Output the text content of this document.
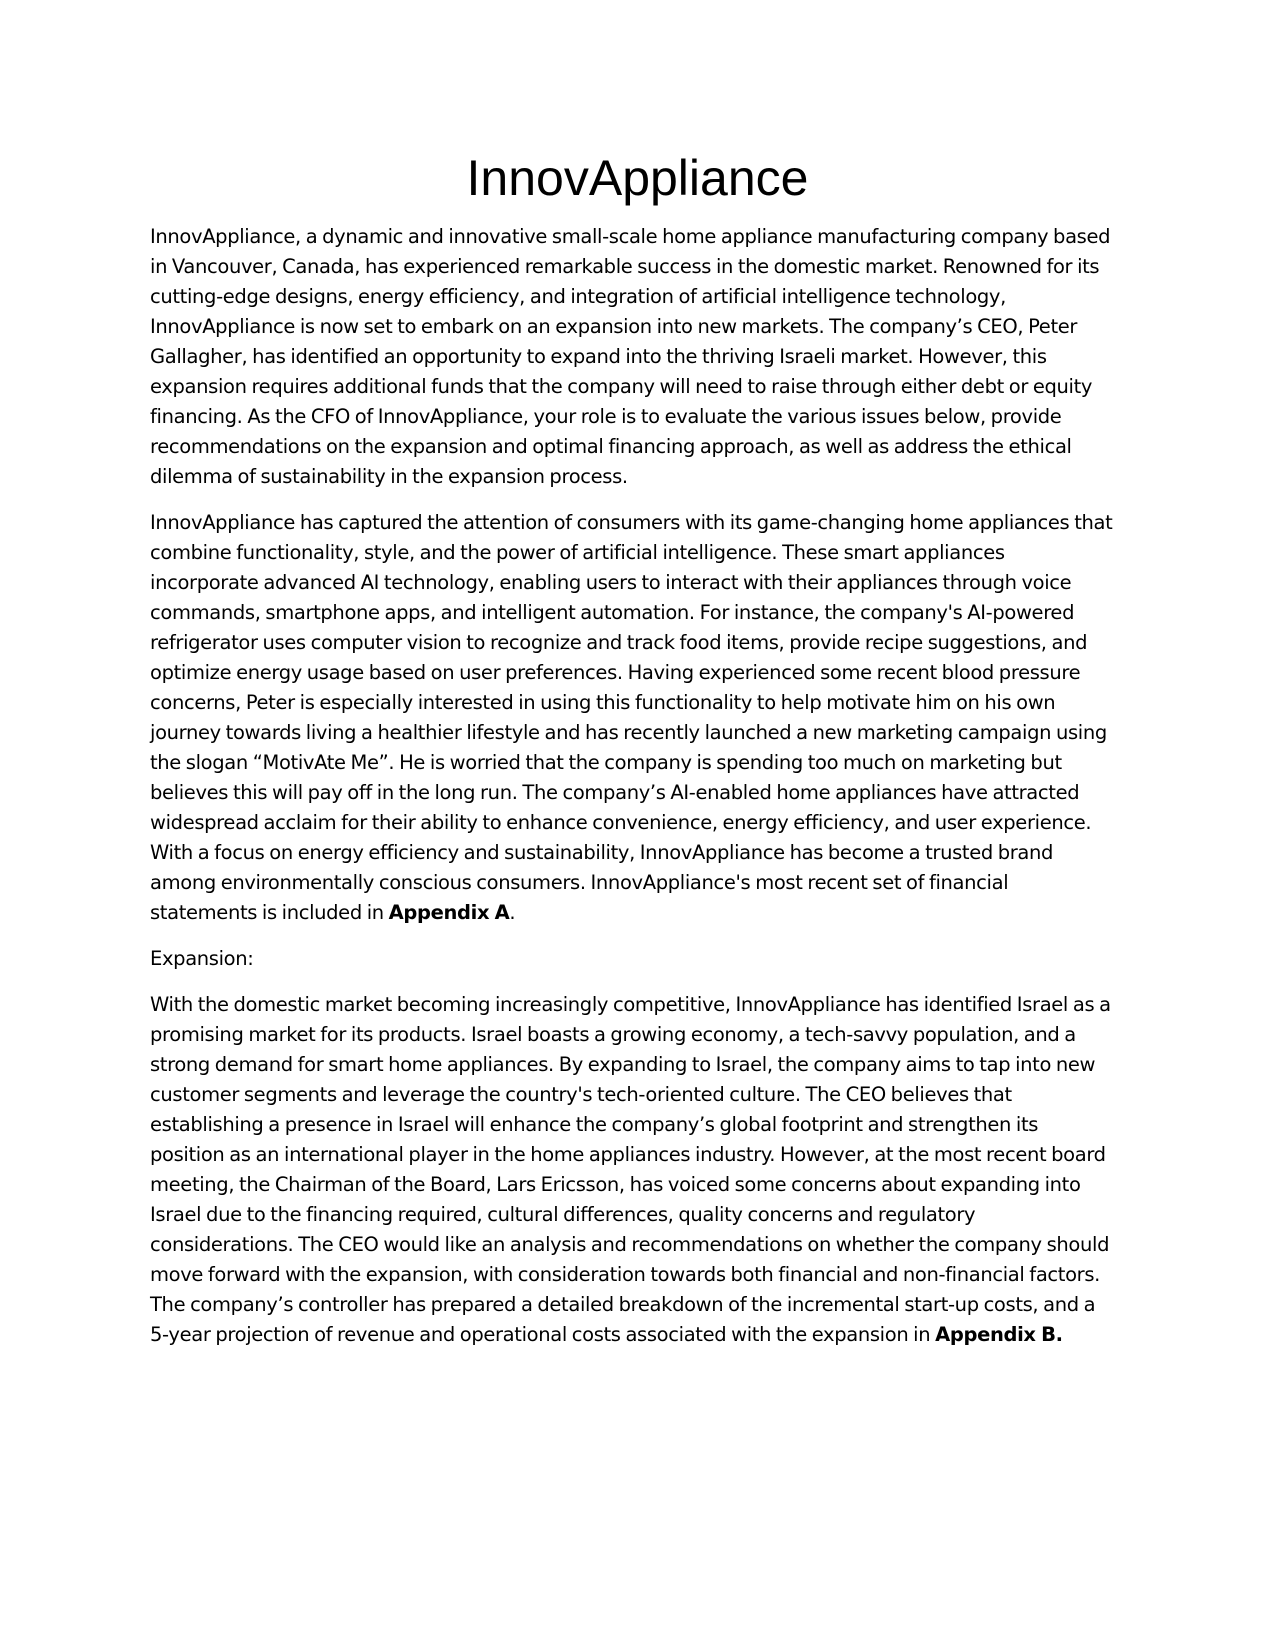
InnovAppliance

InnovAppliance, a dynamic and innovative small-scale home appliance manufacturing company based in Vancouver, Canada, has experienced remarkable success in the domestic market. Renowned for its cutting-edge designs, energy efficiency, and integration of artificial intelligence technology, InnovAppliance is now set to embark on an expansion into new markets. The company’s CEO, Peter Gallagher, has identified an opportunity to expand into the thriving Israeli market. However, this expansion requires additional funds that the company will need to raise through either debt or equity financing. As the CFO of InnovAppliance, your role is to evaluate the various issues below, provide recommendations on the expansion and optimal financing approach, as well as address the ethical dilemma of sustainability in the expansion process.

InnovAppliance has captured the attention of consumers with its game-changing home appliances that combine functionality, style, and the power of artificial intelligence. These smart appliances incorporate advanced AI technology, enabling users to interact with their appliances through voice commands, smartphone apps, and intelligent automation. For instance, the company's AI-powered refrigerator uses computer vision to recognize and track food items, provide recipe suggestions, and optimize energy usage based on user preferences. Having experienced some recent blood pressure concerns, Peter is especially interested in using this functionality to help motivate him on his own journey towards living a healthier lifestyle and has recently launched a new marketing campaign using the slogan “MotivAte Me”. He is worried that the company is spending too much on marketing but believes this will pay off in the long run. The company’s AI-enabled home appliances have attracted widespread acclaim for their ability to enhance convenience, energy efficiency, and user experience. With a focus on energy efficiency and sustainability, InnovAppliance has become a trusted brand among environmentally conscious consumers. InnovAppliance's most recent set of financial statements is included in Appendix A.

Expansion:

With the domestic market becoming increasingly competitive, InnovAppliance has identified Israel as a promising market for its products. Israel boasts a growing economy, a tech-savvy population, and a strong demand for smart home appliances. By expanding to Israel, the company aims to tap into new customer segments and leverage the country's tech-oriented culture. The CEO believes that establishing a presence in Israel will enhance the company’s global footprint and strengthen its position as an international player in the home appliances industry. However, at the most recent board meeting, the Chairman of the Board, Lars Ericsson, has voiced some concerns about expanding into Israel due to the financing required, cultural differences, quality concerns and regulatory considerations. The CEO would like an analysis and recommendations on whether the company should move forward with the expansion, with consideration towards both financial and non-financial factors. The company’s controller has prepared a detailed breakdown of the incremental start-up costs, and a 5-year projection of revenue and operational costs associated with the expansion in Appendix B.
